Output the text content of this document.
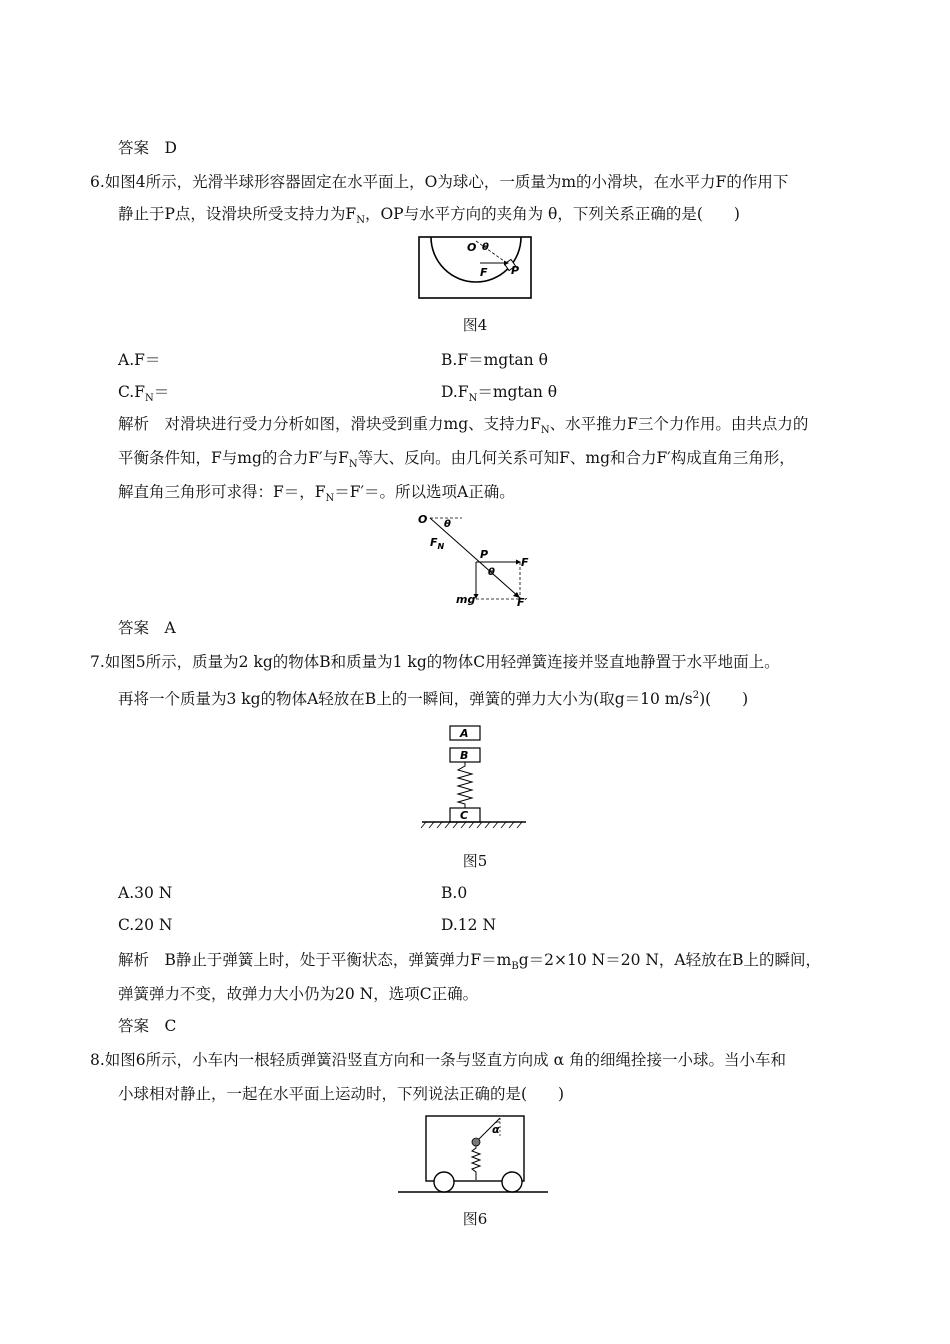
答案　D
6.如图4所示，光滑半球形容器固定在水平面上，O为球心，一质量为m的小滑块，在水平力F的作用下
静止于P点，设滑块所受支持力为$F_N$，OP与水平方向的夹角为 θ，下列关系正确的是(　　)
O θ
F P
图4
A.F＝	B.F＝mgtan θ
$C.F_N=$	$D.F_N=mgtan$ θ
解析　对滑块进行受力分析如图，滑块受到重力mg、支持力$F_N$、水平推力F三个力作用。由共点力的
平衡条件知，F与mg的合力F′与$F_N$等大、反向。由几何关系可知F、mg和合力F′构成直角三角形，
解直角三角形可求得：F＝，$F_N=F'=$。所以选项A正确。
O θ
$F_N$
P
F
θ
mg	F′
答案　A
7.如图5所示，质量为2 kg的物体B和质量为1 kg的物体C用轻弹簧连接并竖直地静置于水平地面上。
再将一个质量为3 kg的物体A轻放在B上的一瞬间，弹簧的弹力大小为(取g＝10 $m/s^2$)(　　)
A
B
C
图5
A.30 N	B.0
C.20 N	D.12 N
解析　B静止于弹簧上时，处于平衡状态，弹簧弹力$F=m_Bg=2\times 10$ N＝20 N，A轻放在B上的瞬间，
弹簧弹力不变，故弹力大小仍为20 N，选项C正确。
答案　C
8.如图6所示，小车内一根轻质弹簧沿竖直方向和一条与竖直方向成 α 角的细绳拴接一小球。当小车和
小球相对静止，一起在水平面上运动时，下列说法正确的是(　　)
α
图6
